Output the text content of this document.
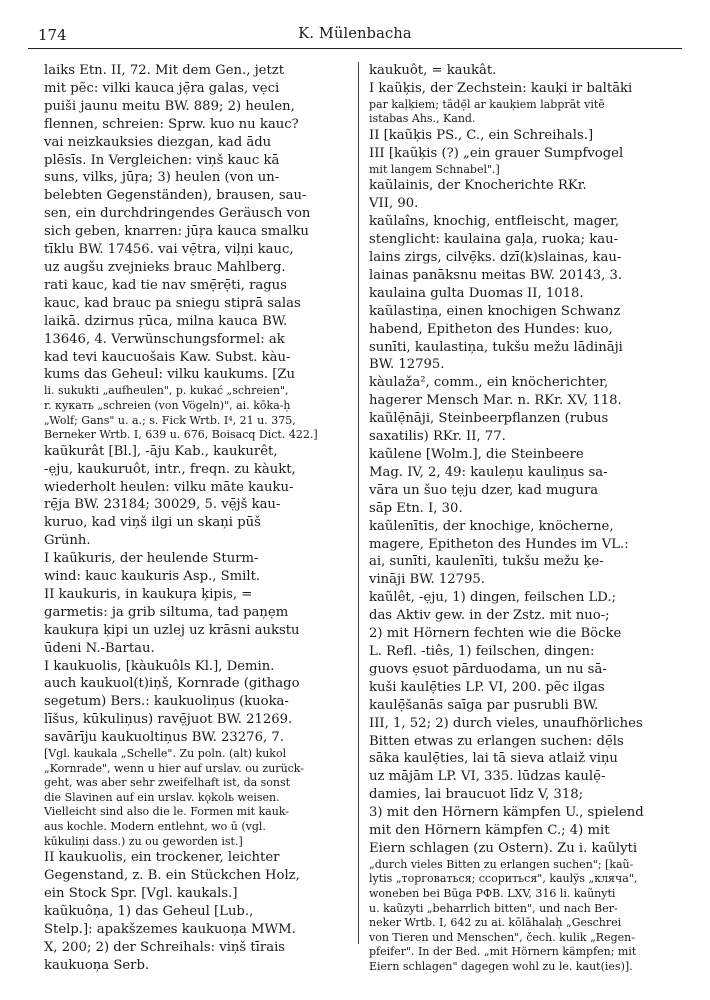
174	K. Mülenbacha
laiks Etn. II, 72. Mit dem Gen., jetzt
mit pẽc: vilki kauca jẹ̄ra galas, vẹci
puiši jaunu meitu BW. 889; 2) heulen,
flennen, schreien: Sprw. kuo nu kauc?
vai neizkauksies diezgan, kad ādu
plēsīs. In Vergleichen: viņš kauc kā
suns, vilks, jūŗa; 3) heulen (von un-
belebten Gegenständen), brausen, sau-
sen, ein durchdringendes Geräusch von
sich geben, knarren: jūŗa kauca smalku
tīklu BW. 17456. vai vẹ̄tra, viļņi kauc,
uz augšu zvejnieks brauc Mahlberg.
rati kauc, kad tie nav smẹ̄rẹ̄ti, ragus
kauc, kad brauc pa sniegu stiprā salas
laikā. dzirnus ŗūca, milna kauca BW.
13646, 4. Verwünschungsformel: ak
kad tevi kaucuošais Kaw. Subst. kàu-
kums das Geheul: vilku kaukums. [Zu
li. sukukti „aufheulen", p. kukać „schreien",
r. кукать „schreien (von Vögeln)", ai. kōka-ḥ
„Wolf; Gans" u. a.; s. Fick Wrtb. I⁴, 21 u. 375,
Berneker Wrtb. I, 639 u. 676, Boisacq Dict. 422.]
kaũkurât [Bl.], -āju Kab., kaukurêt,
-ẹju, kaukuruôt, intr., freqn. zu kàukt,
wiederholt heulen: vilku māte kauku-
rẹ̄ja BW. 23184; 30029, 5. vẹ̄jš kau-
kuruo, kad viņš ilgi un skaņi pūš
Grünh.
I kaũkuris, der heulende Sturm-
wind: kauc kaukuris Asp., Smilt.
II kaukuris, in kaukuŗa ķipis, =
garmetis: ja grib siltuma, tad paņẹm
kaukuŗa ķipi un uzlej uz krāsni aukstu
ūdeni N.-Bartau.
I kaukuolis, [kàukuôls Kl.], Demin.
auch kaukuol(t)iņš, Kornrade (githago
segetum) Bers.: kaukuoliņus (kuoka-
līšus, kūkuliņus) ravẹ̄juot BW. 21269.
savārīju kaukuoltiņus BW. 23276, 7.
[Vgl. kaukala „Schelle". Zu poln. (alt) kukol
„Kornrade", wenn u hier auf urslav. ou zurück-
geht, was aber sehr zweifelhaft ist, da sonst
die Slavinen auf ein urslav. kǫkolь weisen.
Vielleicht sind also die le. Formen mit kauk-
aus kochle. Modern entlehnt, wo ū (vgl.
kūkuliņi dass.) zu ou geworden ist.]
II kaukuolis, ein trockener, leichter
Gegenstand, z. B. ein Stückchen Holz,
ein Stock Spr. [Vgl. kaukals.]
kaũkuôņa, 1) das Geheul [Lub.,
Stelp.]: apakšzemes kaukuoņa MWM.
X, 200; 2) der Schreihals: viņš tīrais
kaukuoņa Serb.
kaukuôt, = kaukât.
I kaũķis, der Zechstein: kauķi ir baltāki
par kaļķiem; tādẹ̄l ar kauķiem labprāt vitē
istabas Ahs., Kand.
II [kaũķis PS., C., ein Schreihals.]
III [kaũķis (?) „ein grauer Sumpfvogel
mit langem Schnabel".]
kaũlainis, der Knocherichte RKr.
VII, 90.
kaũlaîns, knochig, entfleischt, mager,
stenglicht: kaulaina gaļa, ruoka; kau-
lains zirgs, cilvẹ̄ks. dzī(k)slainas, kau-
lainas panāksnu meitas BW. 20143, 3.
kaulaina gulta Duomas II, 1018.
kaũlastiņa, einen knochigen Schwanz
habend, Epitheton des Hundes: kuo,
sunīti, kaulastiņa, tukšu mežu lādināji
BW. 12795.
kàulaža², comm., ein knöcherichter,
hagerer Mensch Mar. n. RKr. XV, 118.
kaũlẹ̄nāji, Steinbeerpflanzen (rubus
saxatilis) RKr. II, 77.
kaũlene [Wolm.], die Steinbeere
Mag. IV, 2, 49: kauleņu kauliņus sa-
vāra un šuo tẹju dzer, kad mugura
sāp Etn. I, 30.
kaũlenītis, der knochige, knöcherne,
magere, Epitheton des Hundes im VL.:
ai, sunīti, kaulenīti, tukšu mežu ķe-
vināji BW. 12795.
kaũlêt, -ẹju, 1) dingen, feilschen LD.;
das Aktiv gew. in der Zstz. mit nuo-;
2) mit Hörnern fechten wie die Böcke
L. Refl. -tiês, 1) feilschen, dingen:
guovs ẹsuot pārduodama, un nu sā-
kuši kaulẹ̄ties LP. VI, 200. pẽc ilgas
kaulẹ̄šanās saīga par pusrubli BW.
III, 1, 52; 2) durch vieles, unaufhörliches
Bitten etwas zu erlangen suchen: dẹ̄ls
sāka kaulẹ̄ties, lai tā sieva atlaiž viņu
uz mājām LP. VI, 335. lūdzas kaulẹ̄-
damies, lai braucuot līdz V, 318;
3) mit den Hörnern kämpfen U., spielend
mit den Hörnern kämpfen C.; 4) mit
Eiern schlagen (zu Ostern). Zu i. kaũlyti
„durch vieles Bitten zu erlangen suchen"; [kaũ-
lytis „торговаться; ссориться", kaulỹs „кляча",
woneben bei Būga РФВ. LXV, 316 li. kaũnyti
u. kaũzyti „beharrlich bitten", und nach Ber-
neker Wrtb. I, 642 zu ai. kōlāhalaḥ „Geschrei
von Tieren und Menschen", čech. kulik „Regen-
pfeifer". In der Bed. „mit Hörnern kämpfen; mit
Eiern schlagen" dagegen wohl zu le. kaut(ies)].
